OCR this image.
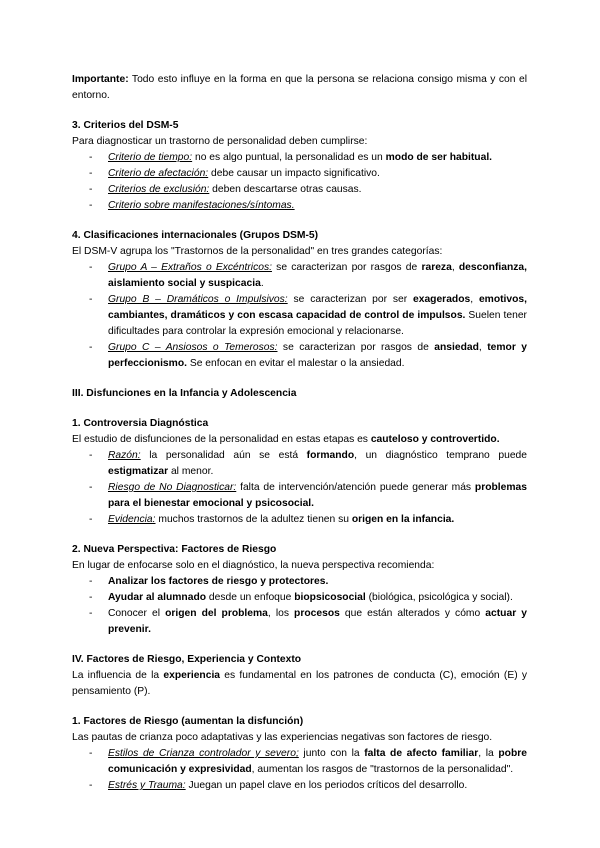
Importante: Todo esto influye en la forma en que la persona se relaciona consigo misma y con el entorno.

3. Criterios del DSM-5

Para diagnosticar un trastorno de personalidad deben cumplirse:

- Criterio de tiempo: no es algo puntual, la personalidad es un modo de ser habitual.
- Criterio de afectación: debe causar un impacto significativo.
- Criterios de exclusión: deben descartarse otras causas.
- Criterio sobre manifestaciones/síntomas.

4. Clasificaciones internacionales (Grupos DSM-5)

El DSM-V agrupa los "Trastornos de la personalidad" en tres grandes categorías:

- Grupo A – Extraños o Excéntricos: se caracterizan por rasgos de rareza, desconfianza, aislamiento social y suspicacia.
- Grupo B – Dramáticos o Impulsivos: se caracterizan por ser exagerados, emotivos, cambiantes, dramáticos y con escasa capacidad de control de impulsos. Suelen tener dificultades para controlar la expresión emocional y relacionarse.
- Grupo C – Ansiosos o Temerosos: se caracterizan por rasgos de ansiedad, temor y perfeccionismo. Se enfocan en evitar el malestar o la ansiedad.

III. Disfunciones en la Infancia y Adolescencia

1. Controversia Diagnóstica

El estudio de disfunciones de la personalidad en estas etapas es cauteloso y controvertido.

- Razón: la personalidad aún se está formando, un diagnóstico temprano puede estigmatizar al menor.
- Riesgo de No Diagnosticar: falta de intervención/atención puede generar más problemas para el bienestar emocional y psicosocial.
- Evidencia: muchos trastornos de la adultez tienen su origen en la infancia.

2. Nueva Perspectiva: Factores de Riesgo

En lugar de enfocarse solo en el diagnóstico, la nueva perspectiva recomienda:

- Analizar los factores de riesgo y protectores.
- Ayudar al alumnado desde un enfoque biopsicosocial (biológica, psicológica y social).
- Conocer el origen del problema, los procesos que están alterados y cómo actuar y prevenir.

IV. Factores de Riesgo, Experiencia y Contexto

La influencia de la experiencia es fundamental en los patrones de conducta (C), emoción (E) y pensamiento (P).

1. Factores de Riesgo (aumentan la disfunción)

Las pautas de crianza poco adaptativas y las experiencias negativas son factores de riesgo.

- Estilos de Crianza controlador y severo; junto con la falta de afecto familiar, la pobre comunicación y expresividad, aumentan los rasgos de "trastornos de la personalidad".
- Estrés y Trauma: Juegan un papel clave en los periodos críticos del desarrollo.
